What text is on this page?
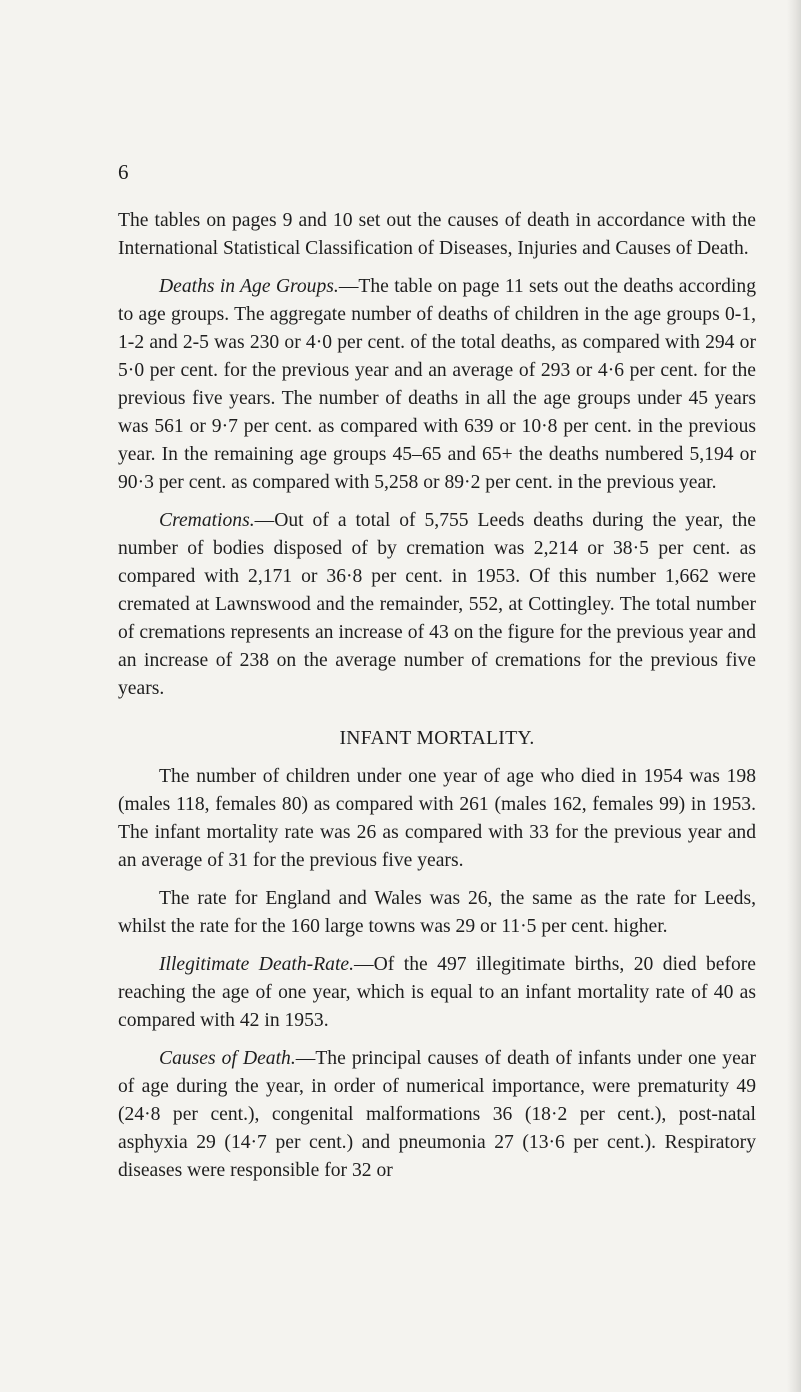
6

The tables on pages 9 and 10 set out the causes of death in accordance with the International Statistical Classification of Diseases, Injuries and Causes of Death.

Deaths in Age Groups.—The table on page 11 sets out the deaths according to age groups. The aggregate number of deaths of children in the age groups 0-1, 1-2 and 2-5 was 230 or 4·0 per cent. of the total deaths, as compared with 294 or 5·0 per cent. for the previous year and an average of 293 or 4·6 per cent. for the previous five years. The number of deaths in all the age groups under 45 years was 561 or 9·7 per cent. as compared with 639 or 10·8 per cent. in the previous year. In the remaining age groups 45–65 and 65+ the deaths numbered 5,194 or 90·3 per cent. as compared with 5,258 or 89·2 per cent. in the previous year.

Cremations.—Out of a total of 5,755 Leeds deaths during the year, the number of bodies disposed of by cremation was 2,214 or 38·5 per cent. as compared with 2,171 or 36·8 per cent. in 1953. Of this number 1,662 were cremated at Lawnswood and the remainder, 552, at Cottingley. The total number of cremations represents an increase of 43 on the figure for the previous year and an increase of 238 on the average number of cremations for the previous five years.

INFANT MORTALITY.

The number of children under one year of age who died in 1954 was 198 (males 118, females 80) as compared with 261 (males 162, females 99) in 1953. The infant mortality rate was 26 as compared with 33 for the previous year and an average of 31 for the previous five years.

The rate for England and Wales was 26, the same as the rate for Leeds, whilst the rate for the 160 large towns was 29 or 11·5 per cent. higher.

Illegitimate Death-Rate.—Of the 497 illegitimate births, 20 died before reaching the age of one year, which is equal to an infant mortality rate of 40 as compared with 42 in 1953.

Causes of Death.—The principal causes of death of infants under one year of age during the year, in order of numerical importance, were prematurity 49 (24·8 per cent.), congenital malformations 36 (18·2 per cent.), post-natal asphyxia 29 (14·7 per cent.) and pneumonia 27 (13·6 per cent.). Respiratory diseases were responsible for 32 or
